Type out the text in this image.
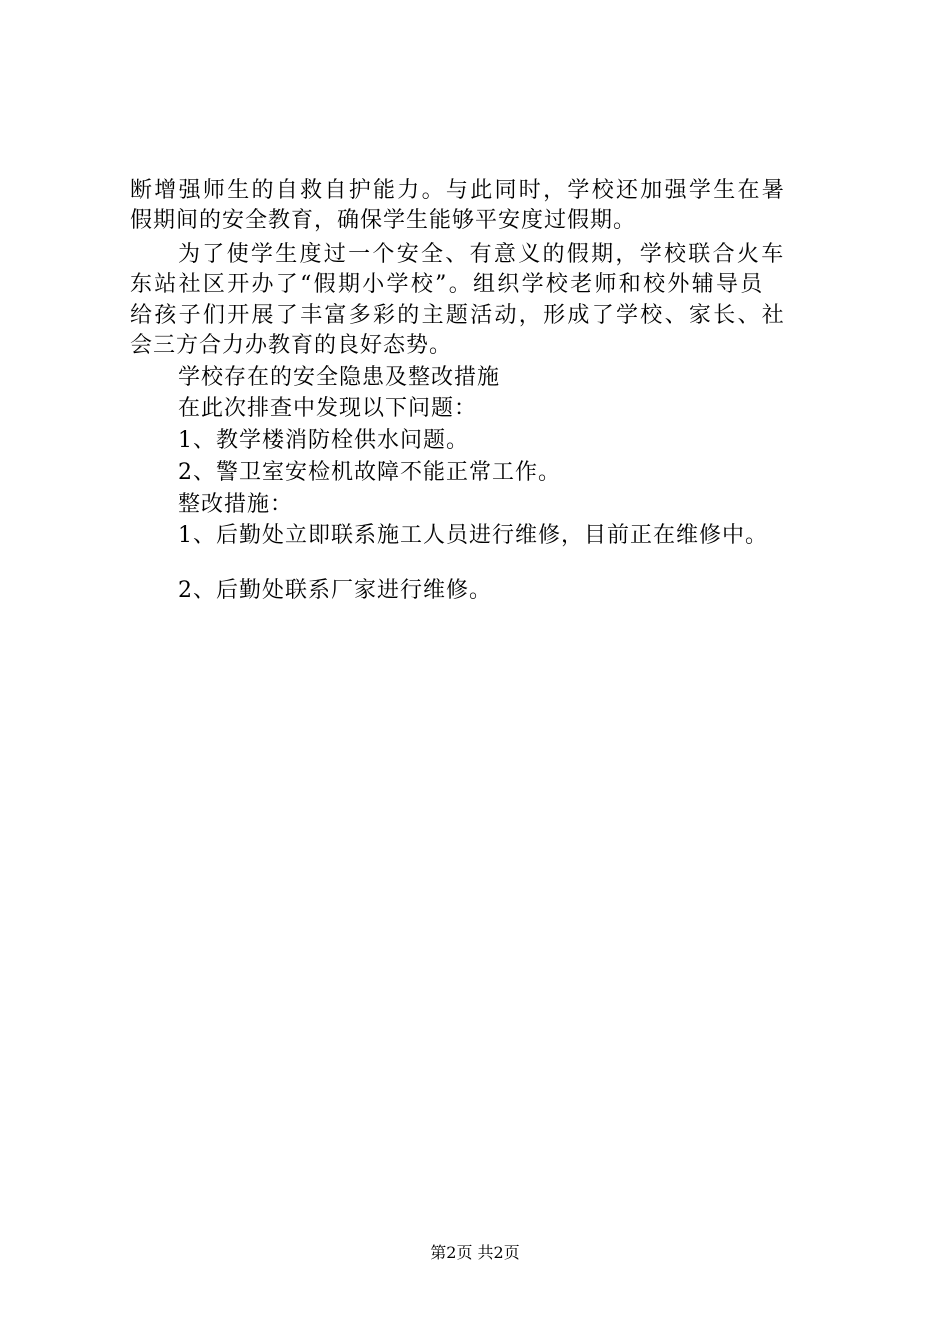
断增强师生的自救自护能力。与此同时，学校还加强学生在暑
假期间的安全教育，确保学生能够平安度过假期。
为了使学生度过一个安全、有意义的假期，学校联合火车
东站社区开办了“假期小学校”。组织学校老师和校外辅导员
给孩子们开展了丰富多彩的主题活动，形成了学校、家长、社
会三方合力办教育的良好态势。
学校存在的安全隐患及整改措施
在此次排查中发现以下问题：
1、教学楼消防栓供水问题。
2、警卫室安检机故障不能正常工作。
整改措施：
1、后勤处立即联系施工人员进行维修，目前正在维修中。
2、后勤处联系厂家进行维修。
第2页 共2页
